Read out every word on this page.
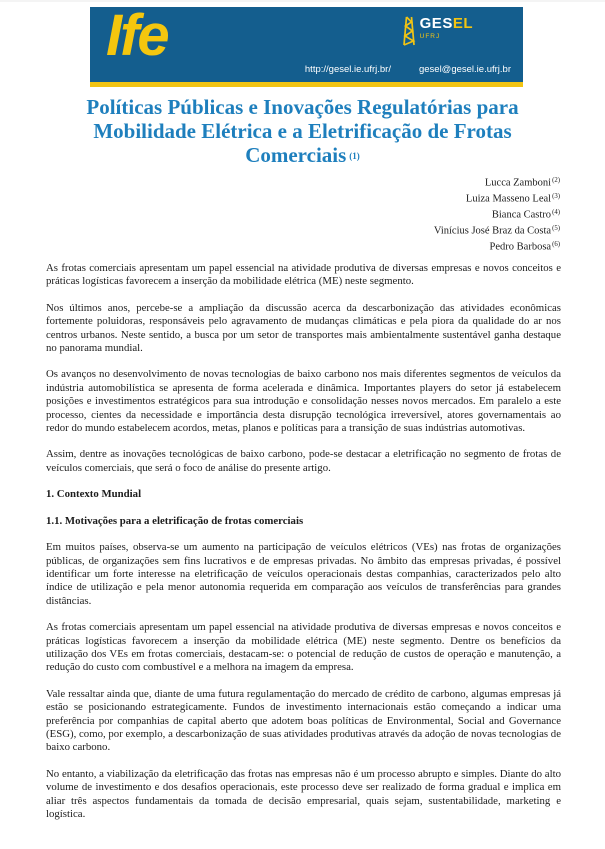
Ife	GESEL
UFRJ
http://gesel.ie.ufrj.br/	gesel@gesel.ie.ufrj.br
Políticas Públicas e Inovações Regulatórias para
Mobilidade Elétrica e a Eletrificação de Frotas
Comerciais (1)
Lucca Zamboni$^{(2)}$
Luiza Masseno Leal$^{(3)}$
Bianca Castro$^{(4)}$
Vinícius José Braz da Costa$^{(5)}$
Pedro Barbosa$^{(6)}$
As frotas comerciais apresentam um papel essencial na atividade produtiva de diversas empresas e novos conceitos e práticas logísticas favorecem a inserção da mobilidade elétrica (ME) neste segmento.
Nos últimos anos, percebe-se a ampliação da discussão acerca da descarbonização das atividades econômicas fortemente poluidoras, responsáveis pelo agravamento de mudanças climáticas e pela piora da qualidade do ar nos centros urbanos. Neste sentido, a busca por um setor de transportes mais ambientalmente sustentável ganha destaque no panorama mundial.
Os avanços no desenvolvimento de novas tecnologias de baixo carbono nos mais diferentes segmentos de veículos da indústria automobilística se apresenta de forma acelerada e dinâmica. Importantes players do setor já estabelecem posições e investimentos estratégicos para sua introdução e consolidação nesses novos mercados. Em paralelo a este processo, cientes da necessidade e importância desta disrupção tecnológica irreversível, atores governamentais ao redor do mundo estabelecem acordos, metas, planos e políticas para a transição de suas indústrias automotivas.
Assim, dentre as inovações tecnológicas de baixo carbono, pode-se destacar a eletrificação no segmento de frotas de veículos comerciais, que será o foco de análise do presente artigo.
1. Contexto Mundial
1.1. Motivações para a eletrificação de frotas comerciais
Em muitos países, observa-se um aumento na participação de veículos elétricos (VEs) nas frotas de organizações públicas, de organizações sem fins lucrativos e de empresas privadas. No âmbito das empresas privadas, é possível identificar um forte interesse na eletrificação de veículos operacionais destas companhias, caracterizados pelo alto índice de utilização e pela menor autonomia requerida em comparação aos veículos de transferências para grandes distâncias.
As frotas comerciais apresentam um papel essencial na atividade produtiva de diversas empresas e novos conceitos e práticas logísticas favorecem a inserção da mobilidade elétrica (ME) neste segmento. Dentre os benefícios da utilização dos VEs em frotas comerciais, destacam-se: o potencial de redução de custos de operação e manutenção, a redução do custo com combustível e a melhora na imagem da empresa.
Vale ressaltar ainda que, diante de uma futura regulamentação do mercado de crédito de carbono, algumas empresas já estão se posicionando estrategicamente. Fundos de investimento internacionais estão começando a indicar uma preferência por companhias de capital aberto que adotem boas políticas de Environmental, Social and Governance (ESG), como, por exemplo, a descarbonização de suas atividades produtivas através da adoção de novas tecnologias de baixo carbono.
No entanto, a viabilização da eletrificação das frotas nas empresas não é um processo abrupto e simples. Diante do alto volume de investimento e dos desafios operacionais, este processo deve ser realizado de forma gradual e implica em aliar três aspectos fundamentais da tomada de decisão empresarial, quais sejam, sustentabilidade, marketing e logística.
